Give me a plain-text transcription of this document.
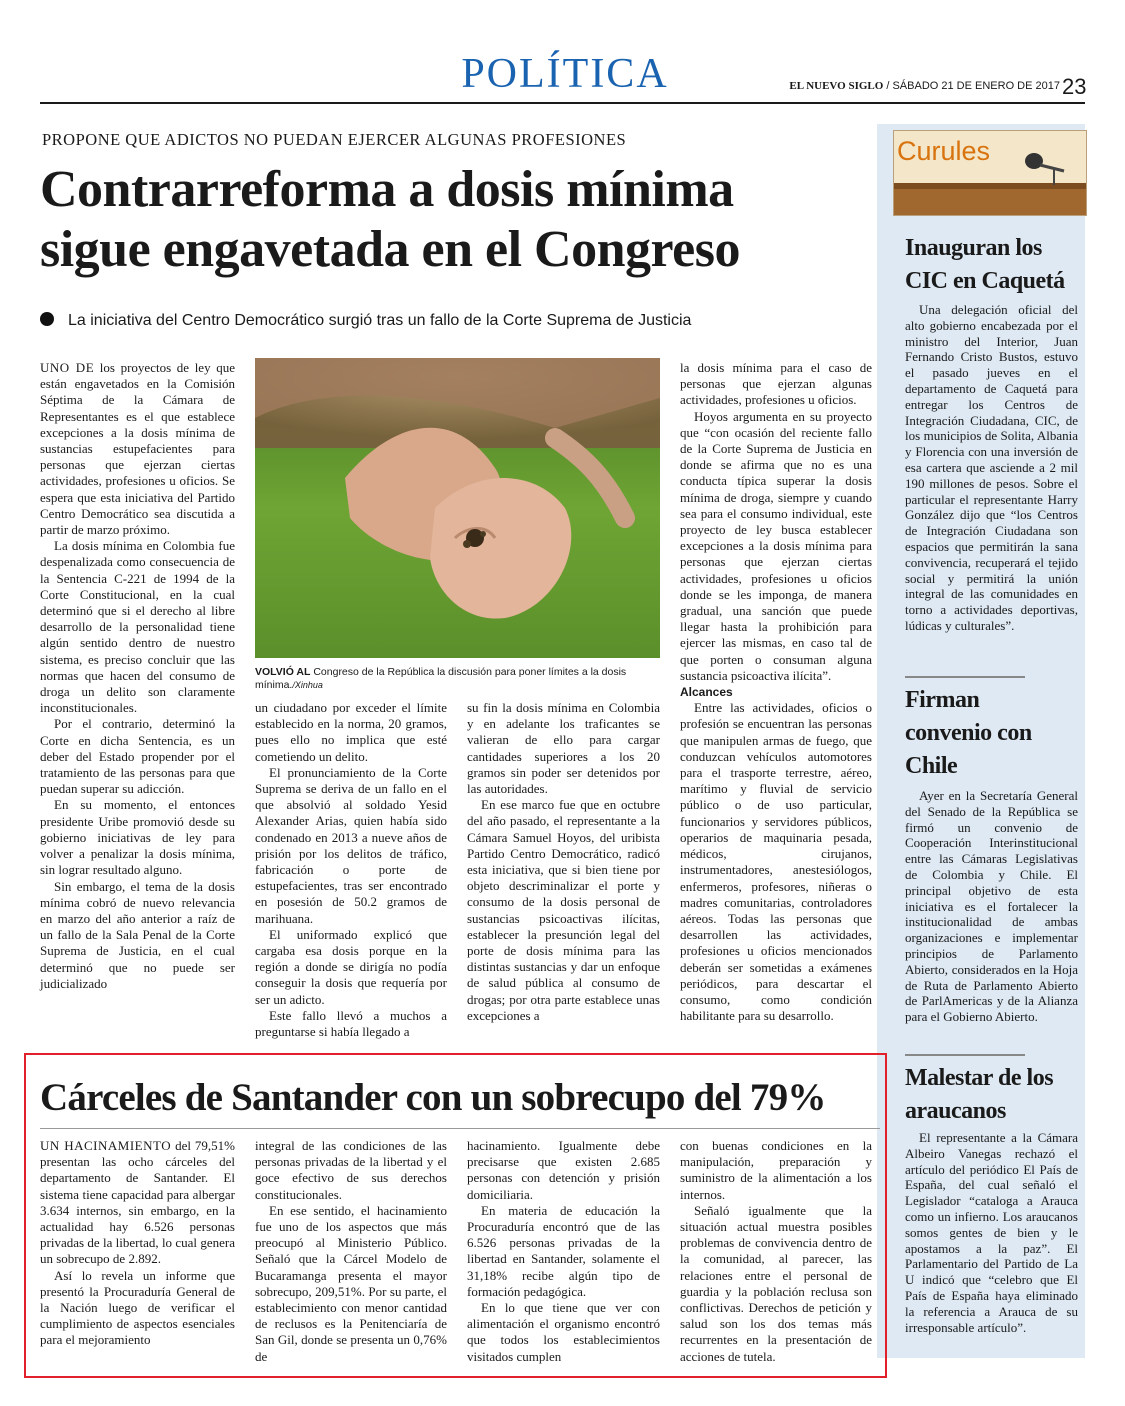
POLÍTICA	EL NUEVO SIGLO / SÁBADO 21 DE ENERO DE 2017 23
PROPONE QUE ADICTOS NO PUEDAN EJERCER ALGUNAS PROFESIONES
Contrarreforma a dosis mínima
sigue engavetada en el Congreso
La iniciativa del Centro Democrático surgió tras un fallo de la Corte Suprema de Justicia

UNO DE los proyectos de ley que están engavetados en la Comisión Séptima de la Cámara de Representantes es el que establece excepciones a la dosis mínima de sustancias estupefacientes para personas que ejerzan ciertas actividades, profesiones u oficios. Se espera que esta iniciativa del Partido Centro Democrático sea discutida a partir de marzo próximo.

La dosis mínima en Colombia fue despenalizada como consecuencia de la Sentencia C-221 de 1994 de la Corte Constitucional, en la cual determinó que si el derecho al libre desarrollo de la personalidad tiene algún sentido dentro de nuestro sistema, es preciso concluir que las normas que hacen del consumo de droga un delito son claramente inconstitucionales.

Por el contrario, determinó la Corte en dicha Sentencia, es un deber del Estado propender por el tratamiento de las personas para que puedan superar su adicción.

En su momento, el entonces presidente Uribe promovió desde su gobierno iniciativas de ley para volver a penalizar la dosis mínima, sin lograr resultado alguno.

Sin embargo, el tema de la dosis mínima cobró de nuevo relevancia en marzo del año anterior a raíz de un fallo de la Sala Penal de la Corte Suprema de Justicia, en el cual determinó que no puede ser judicializado

VOLVIÓ AL Congreso de la República la discusión para poner límites a la dosis mínima./Xinhua

un ciudadano por exceder el límite establecido en la norma, 20 gramos, pues ello no implica que esté cometiendo un delito.

El pronunciamiento de la Corte Suprema se deriva de un fallo en el que absolvió al soldado Yesid Alexander Arias, quien había sido condenado en 2013 a nueve años de prisión por los delitos de tráfico, fabricación o porte de estupefacientes, tras ser encontrado en posesión de 50.2 gramos de marihuana.

El uniformado explicó que cargaba esa dosis porque en la región a donde se dirigía no podía conseguir la dosis que requería por ser un adicto.

Este fallo llevó a muchos a preguntarse si había llegado a

su fin la dosis mínima en Colombia y en adelante los traficantes se valieran de ello para cargar cantidades superiores a los 20 gramos sin poder ser detenidos por las autoridades.

En ese marco fue que en octubre del año pasado, el representante a la Cámara Samuel Hoyos, del uribista Partido Centro Democrático, radicó esta iniciativa, que si bien tiene por objeto descriminalizar el porte y consumo de la dosis personal de sustancias psicoactivas ilícitas, establecer la presunción legal del porte de dosis mínima para las distintas sustancias y dar un enfoque de salud pública al consumo de drogas; por otra parte establece unas excepciones a

la dosis mínima para el caso de personas que ejerzan algunas actividades, profesiones u oficios.

Hoyos argumenta en su proyecto que “con ocasión del reciente fallo de la Corte Suprema de Justicia en donde se afirma que no es una conducta típica superar la dosis mínima de droga, siempre y cuando sea para el consumo individual, este proyecto de ley busca establecer excepciones a la dosis mínima para personas que ejerzan ciertas actividades, profesiones u oficios donde se les imponga, de manera gradual, una sanción que puede llegar hasta la prohibición para ejercer las mismas, en caso tal de que porten o consuman alguna sustancia psicoactiva ilícita”.

Alcances

Entre las actividades, oficios o profesión se encuentran las personas que manipulen armas de fuego, que conduzcan vehículos automotores para el trasporte terrestre, aéreo, marítimo y fluvial de servicio público o de uso particular, funcionarios y servidores públicos, operarios de maquinaria pesada, médicos, cirujanos, instrumentadores, anestesiólogos, enfermeros, profesores, niñeras o madres comunitarias, controladores aéreos. Todas las personas que desarrollen las actividades, profesiones u oficios mencionados deberán ser sometidas a exámenes periódicos, para descartar el consumo, como condición habilitante para su desarrollo.

Curules
Inauguran los CIC en Caquetá

Una delegación oficial del alto gobierno encabezada por el ministro del Interior, Juan Fernando Cristo Bustos, estuvo el pasado jueves en el departamento de Caquetá para entregar los Centros de Integración Ciudadana, CIC, de los municipios de Solita, Albania y Florencia con una inversión de esa cartera que asciende a 2 mil 190 millones de pesos. Sobre el particular el representante Harry González dijo que “los Centros de Integración Ciudadana son espacios que permitirán la sana convivencia, recuperará el tejido social y permitirá la unión integral de las comunidades en torno a actividades deportivas, lúdicas y culturales”.

Firman convenio con Chile

Ayer en la Secretaría General del Senado de la República se firmó un convenio de Cooperación Interinstitucional entre las Cámaras Legislativas de Colombia y Chile. El principal objetivo de esta iniciativa es el fortalecer la institucionalidad de ambas organizaciones e implementar principios de Parlamento Abierto, considerados en la Hoja de Ruta de Parlamento Abierto de ParlAmericas y de la Alianza para el Gobierno Abierto.

Malestar de los araucanos

El representante a la Cámara Albeiro Vanegas rechazó el artículo del periódico El País de España, del cual señaló el Legislador “cataloga a Arauca como un infierno. Los araucanos somos gentes de bien y le apostamos a la paz”. El Parlamentario del Partido de La U indicó que “celebro que El País de España haya eliminado la referencia a Arauca de su irresponsable artículo”.

Cárceles de Santander con un sobrecupo del 79%

UN HACINAMIENTO del 79,51% presentan las ocho cárceles del departamento de Santander. El sistema tiene capacidad para albergar 3.634 internos, sin embargo, en la actualidad hay 6.526 personas privadas de la libertad, lo cual genera un sobrecupo de 2.892.

Así lo revela un informe que presentó la Procuraduría General de la Nación luego de verificar el cumplimiento de aspectos esenciales para el mejoramiento

integral de las condiciones de las personas privadas de la libertad y el goce efectivo de sus derechos constitucionales.

En ese sentido, el hacinamiento fue uno de los aspectos que más preocupó al Ministerio Público. Señaló que la Cárcel Modelo de Bucaramanga presenta el mayor sobrecupo, 209,51%. Por su parte, el establecimiento con menor cantidad de reclusos es la Penitenciaría de San Gil, donde se presenta un 0,76% de

hacinamiento. Igualmente debe precisarse que existen 2.685 personas con detención y prisión domiciliaria.

En materia de educación la Procuraduría encontró que de las 6.526 personas privadas de la libertad en Santander, solamente el 31,18% recibe algún tipo de formación pedagógica.

En lo que tiene que ver con alimentación el organismo encontró que todos los establecimientos visitados cumplen

con buenas condiciones en la manipulación, preparación y suministro de la alimentación a los internos.

Señaló igualmente que la situación actual muestra posibles problemas de convivencia dentro de la comunidad, al parecer, las relaciones entre el personal de guardia y la población reclusa son conflictivas. Derechos de petición y salud son los dos temas más recurrentes en la presentación de acciones de tutela.
